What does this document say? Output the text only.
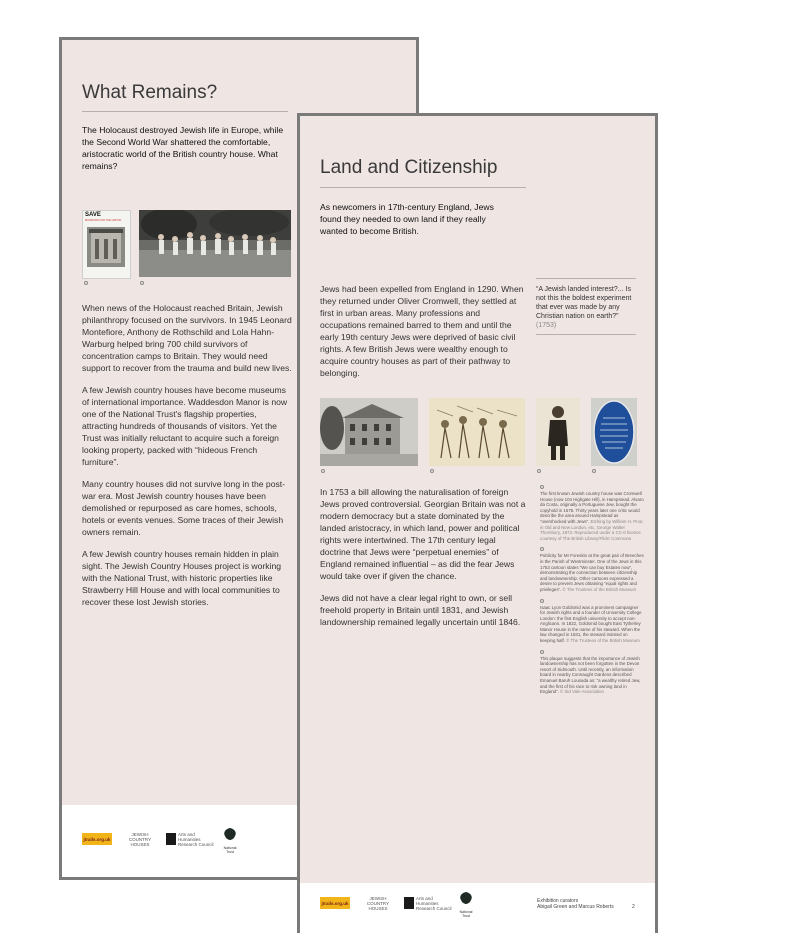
What Remains?
The Holocaust destroyed Jewish life in Europe, while the Second World War shattered the comfortable, aristocratic world of the British country house. What remains?
SAVE
MANSIONS FOR THE NATION

When news of the Holocaust reached Britain, Jewish philanthropy focused on the survivors. In 1945 Leonard Montefiore, Anthony de Rothschild and Lola Hahn-Warburg helped bring 700 child survivors of concentration camps to Britain. They would need support to recover from the trauma and build new lives.

A few Jewish country houses have become museums of international importance. Waddesdon Manor is now one of the National Trust's flagship properties, attracting hundreds of thousands of visitors. Yet the Trust was initially reluctant to acquire such a foreign looking property, packed with “hideous French furniture”.

Many country houses did not survive long in the post-war era. Most Jewish country houses have been demolished or repurposed as care homes, schools, hotels or events venues. Some traces of their Jewish owners remain.

A few Jewish country houses remain hidden in plain sight. The Jewish Country Houses project is working with the National Trust, with historic properties like Strawberry Hill House and with local communities to recover these lost Jewish stories.

jtrails.org.uk
JEWISH COUNTRY HOUSES
Arts and Humanities Research Council
National Trust
Land and Citizenship
As newcomers in 17th-century England, Jews found they needed to own land if they really wanted to become British.
Jews had been expelled from England in 1290. When they returned under Oliver Cromwell, they settled at first in urban areas. Many professions and occupations remained barred to them and until the early 19th century Jews were deprived of basic civil rights. A few British Jews were wealthy enough to acquire country houses as part of their pathway to belonging.
“A Jewish landed interest?... Is not this the boldest experiment that ever was made by any Christian nation on earth?”
(1753)

In 1753 a bill allowing the naturalisation of foreign Jews proved controversial. Georgian Britain was not a modern democracy but a state dominated by the landed aristocracy, in which land, power and political rights were intertwined. The 17th century legal doctrine that Jews were “perpetual enemies” of England remained influential – as did the fear Jews would take over if given the chance.

Jews did not have a clear legal right to own, or sell freehold property in Britain until 1831, and Jewish landownership remained legally uncertain until 1846.

The first known Jewish country house was Cromwell House (now 104 Highgate Hill), in Hampstead. Alvaro da Costa, originally a Portuguese Jew, bought the copyhold in 1675. Thirty years later one critic would describe the area around Hampstead as “overshocked with Jews”. Etching by William H. Prior, in Old and New London, etc, George Walter Thornbury, 1873. Reproduced under a CC-0 licence courtesy of The British Library/Flickr Commons
Publicity for Mr Foreskin at the great pair of Breeches in the Parish of Westminster. One of the Jews in this 1753 cartoon states “We can buy Estates now”, demonstrating the connection between citizenship and landownership. Other cartoons expressed a desire to prevent Jews obtaining “equal rights and privileges”. © The Trustees of the British Museum
Isaac Lyon Goldsmid was a prominent campaigner for Jewish rights and a founder of University College London: the first English university to accept non-Anglicans. In 1822, Goldsmid bought East Tytherley Manor House in the name of his steward. When the law changed in 1831, the steward insisted on keeping half. © The Trustees of the British Museum
This plaque suggests that the importance of Jewish landownership has not been forgotten in the Devon resort of Sidmouth. Until recently, an information board in nearby Connaught Gardens described Emanuel Baruh Lousada as: “a wealthy retired Jew, and the first of his race to risk owning land in England”. © Sid Vale Association
jtrails.org.uk
JEWISH COUNTRY HOUSES
Arts and Humanities Research Council
National Trust
Exhibition curators
Abigail Green and Marcus Roberts	2
